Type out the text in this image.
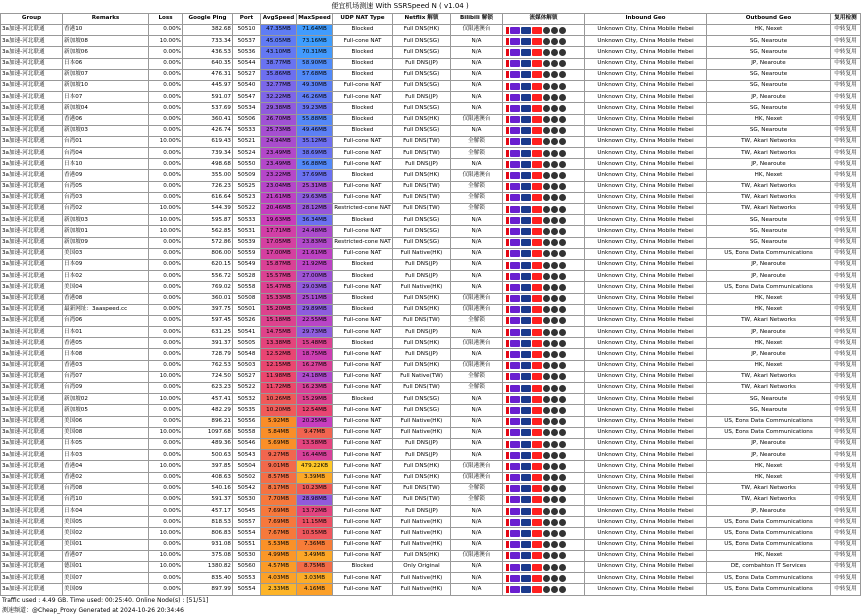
便宜机场测速 With SSRSpeed N ( v1.04 )
Group	Remarks	Loss	Google Ping	Port	AvgSpeed	MaxSpeed	UDP NAT Type	Netflix 解锁	Bilibili 解锁	流媒体解锁	Inbound Geo	Outbound Geo	复用检测
3a加速-河北联通	香港10	0.00%	382.68	50510	47.35MB	71.64MB	Blocked	Full DNS(HK)	仅限港澳台		Unknown City, China Mobile Hebei	HK, Nexet	中转复用
3a加速-河北联通	新加坡08	10.00%	733.34	50537	45.05MB	73.16MB	Full-cone NAT	Full DNS(SG)	N/A		Unknown City, China Mobile Hebei	SG, Nearoute	中转复用
3a加速-河北联通	新加坡06	0.00%	436.53	50536	43.10MB	70.31MB	Blocked	Full DNS(SG)	N/A		Unknown City, China Mobile Hebei	SG, Nearoute	中转复用
3a加速-河北联通	日本06	0.00%	640.35	50544	38.77MB	58.90MB	Blocked	Full DNS(JP)	N/A		Unknown City, China Mobile Hebei	JP, Nearoute	中转复用
3a加速-河北联通	新加坡07	0.00%	476.31	50527	35.86MB	57.68MB	Blocked	Full DNS(SG)	N/A		Unknown City, China Mobile Hebei	SG, Nearoute	中转复用
3a加速-河北联通	新加坡10	0.00%	445.97	50540	32.77MB	49.30MB	Full-cone NAT	Full DNS(SG)	N/A		Unknown City, China Mobile Hebei	SG, Nearoute	中转复用
3a加速-河北联通	日本07	0.00%	591.07	50547	32.22MB	46.26MB	Full-cone NAT	Full DNS(JP)	N/A		Unknown City, China Mobile Hebei	JP, Nearoute	中转复用
3a加速-河北联通	新加坡04	0.00%	537.69	50534	29.38MB	39.23MB	Blocked	Full DNS(SG)	N/A		Unknown City, China Mobile Hebei	SG, Nearoute	中转复用
3a加速-河北联通	香港06	0.00%	360.41	50506	26.70MB	55.88MB	Blocked	Full DNS(HK)	仅限港澳台		Unknown City, China Mobile Hebei	HK, Nexet	中转复用
3a加速-河北联通	新加坡03	0.00%	426.74	50533	25.73MB	49.46MB	Blocked	Full DNS(SG)	N/A		Unknown City, China Mobile Hebei	SG, Nearoute	中转复用
3a加速-河北联通	台湾01	10.00%	619.43	50521	24.94MB	35.12MB	Full-cone NAT	Full DNS(TW)	全解锁		Unknown City, China Mobile Hebei	TW, Akari Networks	中转复用
3a加速-河北联通	台湾04	0.00%	739.34	50524	23.49MB	38.69MB	Full-cone NAT	Full DNS(TW)	全解锁		Unknown City, China Mobile Hebei	TW, Akari Networks	中转复用
3a加速-河北联通	日本10	0.00%	498.68	50550	23.49MB	56.88MB	Full-cone NAT	Full DNS(JP)	N/A		Unknown City, China Mobile Hebei	JP, Nearoute	中转复用
3a加速-河北联通	香港09	0.00%	355.00	50509	23.22MB	37.69MB	Blocked	Full DNS(HK)	仅限港澳台		Unknown City, China Mobile Hebei	HK, Nexet	中转复用
3a加速-河北联通	台湾05	0.00%	726.23	50525	23.04MB	25.31MB	Full-cone NAT	Full DNS(TW)	全解锁		Unknown City, China Mobile Hebei	TW, Akari Networks	中转复用
3a加速-河北联通	台湾03	0.00%	616.64	50523	21.61MB	29.63MB	Full-cone NAT	Full DNS(TW)	全解锁		Unknown City, China Mobile Hebei	TW, Akari Networks	中转复用
3a加速-河北联通	台湾02	10.00%	544.39	50522	20.46MB	28.12MB	Restricted-cone NAT	Full DNS(TW)	全解锁		Unknown City, China Mobile Hebei	TW, Akari Networks	中转复用
3a加速-河北联通	新加坡03	10.00%	595.87	50533	19.63MB	36.34MB	Blocked	Full DNS(SG)	N/A		Unknown City, China Mobile Hebei	SG, Nearoute	中转复用
3a加速-河北联通	新加坡01	10.00%	562.85	50531	17.71MB	24.48MB	Full-cone NAT	Full DNS(SG)	N/A		Unknown City, China Mobile Hebei	SG, Nearoute	中转复用
3a加速-河北联通	新加坡09	0.00%	572.86	50539	17.05MB	23.83MB	Restricted-cone NAT	Full DNS(SG)	N/A		Unknown City, China Mobile Hebei	SG, Nearoute	中转复用
3a加速-河北联通	美国03	0.00%	806.00	50559	17.00MB	21.61MB	Full-cone NAT	Full Native(HK)	N/A		Unknown City, China Mobile Hebei	US, Eons Data Communications	中转复用
3a加速-河北联通	日本09	0.00%	620.15	50549	15.87MB	21.92MB	Blocked	Full DNS(JP)	N/A		Unknown City, China Mobile Hebei	JP, Nearoute	中转复用
3a加速-河北联通	日本02	0.00%	556.72	50528	15.57MB	27.00MB	Blocked	Full DNS(JP)	N/A		Unknown City, China Mobile Hebei	JP, Nearoute	中转复用
3a加速-河北联通	美国04	0.00%	769.02	50558	15.47MB	29.03MB	Full-cone NAT	Full Native(HK)	N/A		Unknown City, China Mobile Hebei	US, Eons Data Communications	中转复用
3a加速-河北联通	香港08	0.00%	360.01	50508	15.33MB	25.11MB	Blocked	Full DNS(HK)	仅限港澳台		Unknown City, China Mobile Hebei	HK, Nexet	中转复用
3a加速-河北联通	最新网址：3aaspeed.cc	0.00%	397.75	50501	15.20MB	29.89MB	Blocked	Full DNS(HK)	仅限港澳台		Unknown City, China Mobile Hebei	HK, Nexet	中转复用
3a加速-河北联通	台湾06	0.00%	597.45	50526	15.18MB	22.55MB	Full-cone NAT	Full DNS(TW)	全解锁		Unknown City, China Mobile Hebei	TW, Akari Networks	中转复用
3a加速-河北联通	日本01	0.00%	631.25	50541	14.75MB	29.73MB	Full-cone NAT	Full DNS(JP)	N/A		Unknown City, China Mobile Hebei	JP, Nearoute	中转复用
3a加速-河北联通	香港05	0.00%	391.37	50505	13.38MB	15.48MB	Blocked	Full DNS(HK)	仅限港澳台		Unknown City, China Mobile Hebei	HK, Nexet	中转复用
3a加速-河北联通	日本08	0.00%	728.79	50548	12.52MB	18.75MB	Full-cone NAT	Full DNS(JP)	N/A		Unknown City, China Mobile Hebei	JP, Nearoute	中转复用
3a加速-河北联通	香港03	0.00%	762.53	50503	12.15MB	16.27MB	Full-cone NAT	Full DNS(HK)	仅限港澳台		Unknown City, China Mobile Hebei	HK, Nexet	中转复用
3a加速-河北联通	台湾07	10.00%	724.50	50527	11.98MB	24.18MB	Full-cone NAT	Full Native(TW)	全解锁		Unknown City, China Mobile Hebei	TW, Akari Networks	中转复用
3a加速-河北联通	台湾09	0.00%	623.23	50522	11.72MB	16.23MB	Full-cone NAT	Full DNS(TW)	全解锁		Unknown City, China Mobile Hebei	TW, Akari Networks	中转复用
3a加速-河北联通	新加坡02	10.00%	457.41	50532	10.26MB	15.29MB	Blocked	Full DNS(SG)	N/A		Unknown City, China Mobile Hebei	SG, Nearoute	中转复用
3a加速-河北联通	新加坡05	0.00%	482.29	50535	10.20MB	12.54MB	Full-cone NAT	Full DNS(SG)	N/A		Unknown City, China Mobile Hebei	SG, Nearoute	中转复用
3a加速-河北联通	美国06	0.00%	896.21	50556	5.92MB	20.25MB	Full-cone NAT	Full Native(HK)	N/A		Unknown City, China Mobile Hebei	US, Eons Data Communications	中转复用
3a加速-河北联通	美国08	10.00%	1097.68	50558	5.84MB	9.47MB	Full-cone NAT	Full Native(HK)	N/A		Unknown City, China Mobile Hebei	US, Eons Data Communications	中转复用
3a加速-河北联通	日本05	0.00%	489.36	50546	5.69MB	13.58MB	Full-cone NAT	Full DNS(JP)	N/A		Unknown City, China Mobile Hebei	JP, Nearoute	中转复用
3a加速-河北联通	日本03	0.00%	500.63	50543	9.27MB	16.44MB	Full-cone NAT	Full DNS(JP)	N/A		Unknown City, China Mobile Hebei	JP, Nearoute	中转复用
3a加速-河北联通	香港04	10.00%	397.85	50504	9.01MB	479.22KB	Full-cone NAT	Full DNS(HK)	仅限港澳台		Unknown City, China Mobile Hebei	HK, Nexet	中转复用
3a加速-河北联通	香港02	0.00%	408.63	50502	8.57MB	3.39MB	Full-cone NAT	Full DNS(HK)	仅限港澳台		Unknown City, China Mobile Hebei	HK, Nexet	中转复用
3a加速-河北联通	台湾08	0.00%	540.16	50542	8.17MB	10.23MB	Full-cone NAT	Full DNS(TW)	全解锁		Unknown City, China Mobile Hebei	TW, Akari Networks	中转复用
3a加速-河北联通	台湾10	0.00%	591.37	50530	7.70MB	28.98MB	Full-cone NAT	Full DNS(TW)	全解锁		Unknown City, China Mobile Hebei	TW, Akari Networks	中转复用
3a加速-河北联通	日本04	0.00%	457.17	50545	7.69MB	13.72MB	Full-cone NAT	Full DNS(JP)	N/A		Unknown City, China Mobile Hebei	JP, Nearoute	中转复用
3a加速-河北联通	美国05	0.00%	818.53	50557	7.69MB	11.15MB	Full-cone NAT	Full Native(HK)	N/A		Unknown City, China Mobile Hebei	US, Eons Data Communications	中转复用
3a加速-河北联通	美国02	10.00%	806.83	50554	7.67MB	10.55MB	Full-cone NAT	Full Native(HK)	N/A		Unknown City, China Mobile Hebei	US, Eons Data Communications	中转复用
3a加速-河北联通	美国01	0.00%	931.08	50551	5.53MB	7.36MB	Full-cone NAT	Full Native(HK)	N/A		Unknown City, China Mobile Hebei	US, Eons Data Communications	中转复用
3a加速-河北联通	香港07	10.00%	375.08	50530	4.99MB	3.49MB	Full-cone NAT	Full DNS(HK)	仅限港澳台		Unknown City, China Mobile Hebei	HK, Nexet	中转复用
3a加速-河北联通	德国01	10.00%	1380.82	50560	4.57MB	8.75MB	Blocked	Only Original	N/A		Unknown City, China Mobile Hebei	DE, combahton IT Services	中转复用
3a加速-河北联通	美国07	0.00%	835.40	50553	4.03MB	3.03MB	Full-cone NAT	Full Native(HK)	N/A		Unknown City, China Mobile Hebei	US, Eons Data Communications	中转复用
3a加速-河北联通	美国09	0.00%	897.99	50554	2.33MB	4.16MB	Full-cone NAT	Full Native(HK)	N/A		Unknown City, China Mobile Hebei	US, Eons Data Communications	中转复用
Traffic used : 4.49 GB. Time used: 00:25:40. Online Node(s) : [51/51]
测速频道：@Cheap_Proxy Generated at 2024-10-26 20:34:46
